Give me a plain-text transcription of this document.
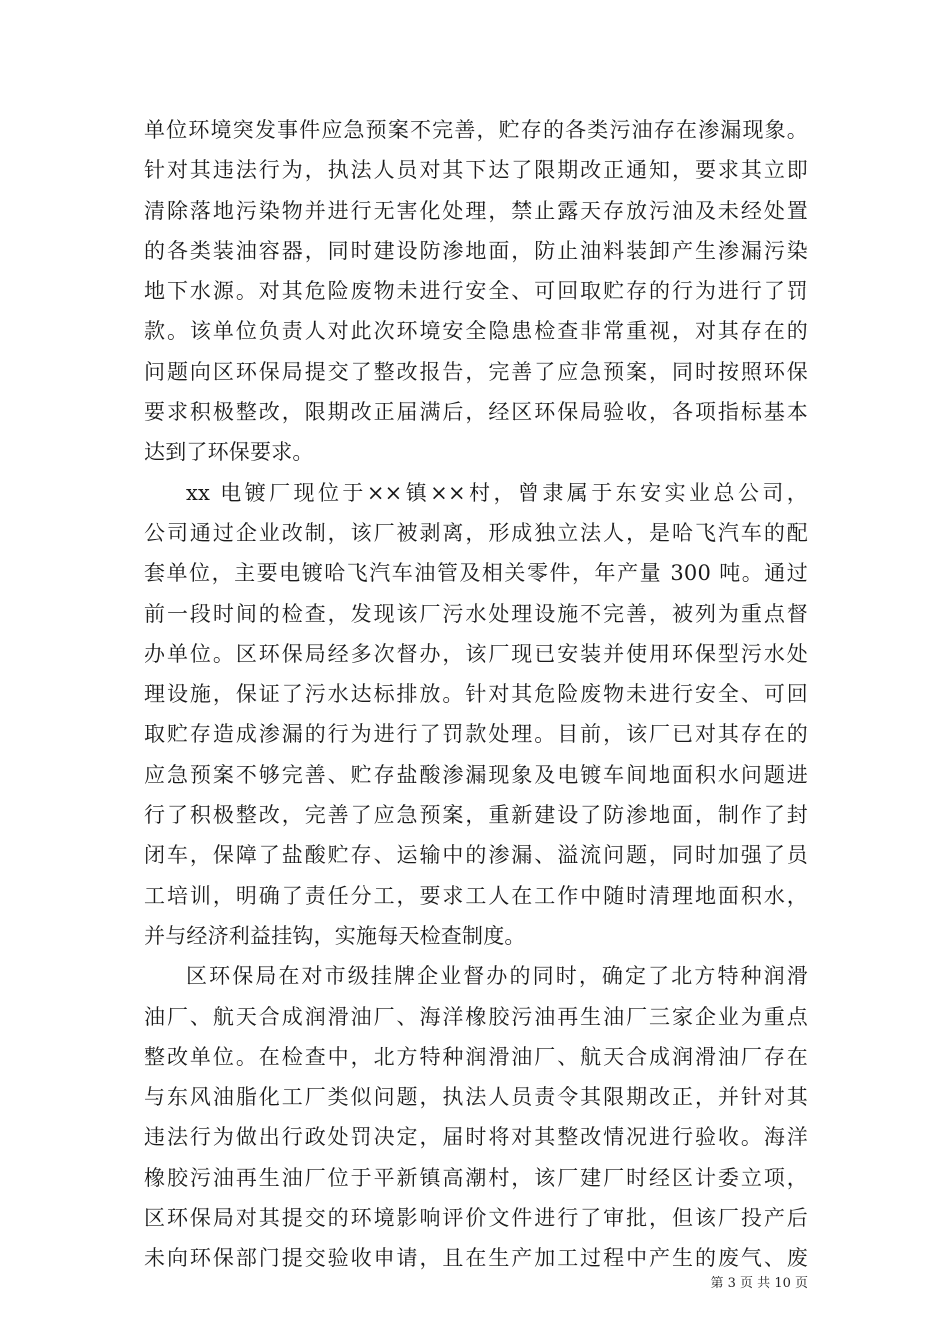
单位环境突发事件应急预案不完善，贮存的各类污油存在渗漏现象。
针对其违法行为，执法人员对其下达了限期改正通知，要求其立即
清除落地污染物并进行无害化处理，禁止露天存放污油及未经处置
的各类装油容器，同时建设防渗地面，防止油料装卸产生渗漏污染
地下水源。对其危险废物未进行安全、可回取贮存的行为进行了罚
款。该单位负责人对此次环境安全隐患检查非常重视，对其存在的
问题向区环保局提交了整改报告，完善了应急预案，同时按照环保
要求积极整改，限期改正届满后，经区环保局验收，各项指标基本
达到了环保要求。
xx 电镀厂现位于××镇××村，曾隶属于东安实业总公司，
公司通过企业改制，该厂被剥离，形成独立法人，是哈飞汽车的配
套单位，主要电镀哈飞汽车油管及相关零件，年产量 300 吨。通过
前一段时间的检查，发现该厂污水处理设施不完善，被列为重点督
办单位。区环保局经多次督办，该厂现已安装并使用环保型污水处
理设施，保证了污水达标排放。针对其危险废物未进行安全、可回
取贮存造成渗漏的行为进行了罚款处理。目前，该厂已对其存在的
应急预案不够完善、贮存盐酸渗漏现象及电镀车间地面积水问题进
行了积极整改，完善了应急预案，重新建设了防渗地面，制作了封
闭车，保障了盐酸贮存、运输中的渗漏、溢流问题，同时加强了员
工培训，明确了责任分工，要求工人在工作中随时清理地面积水，
并与经济利益挂钩，实施每天检查制度。
区环保局在对市级挂牌企业督办的同时，确定了北方特种润滑
油厂、航天合成润滑油厂、海洋橡胶污油再生油厂三家企业为重点
整改单位。在检查中，北方特种润滑油厂、航天合成润滑油厂存在
与东风油脂化工厂类似问题，执法人员责令其限期改正，并针对其
违法行为做出行政处罚决定，届时将对其整改情况进行验收。海洋
橡胶污油再生油厂位于平新镇高潮村，该厂建厂时经区计委立项，
区环保局对其提交的环境影响评价文件进行了审批，但该厂投产后
未向环保部门提交验收申请，且在生产加工过程中产生的废气、废
第 3 页 共 10 页
